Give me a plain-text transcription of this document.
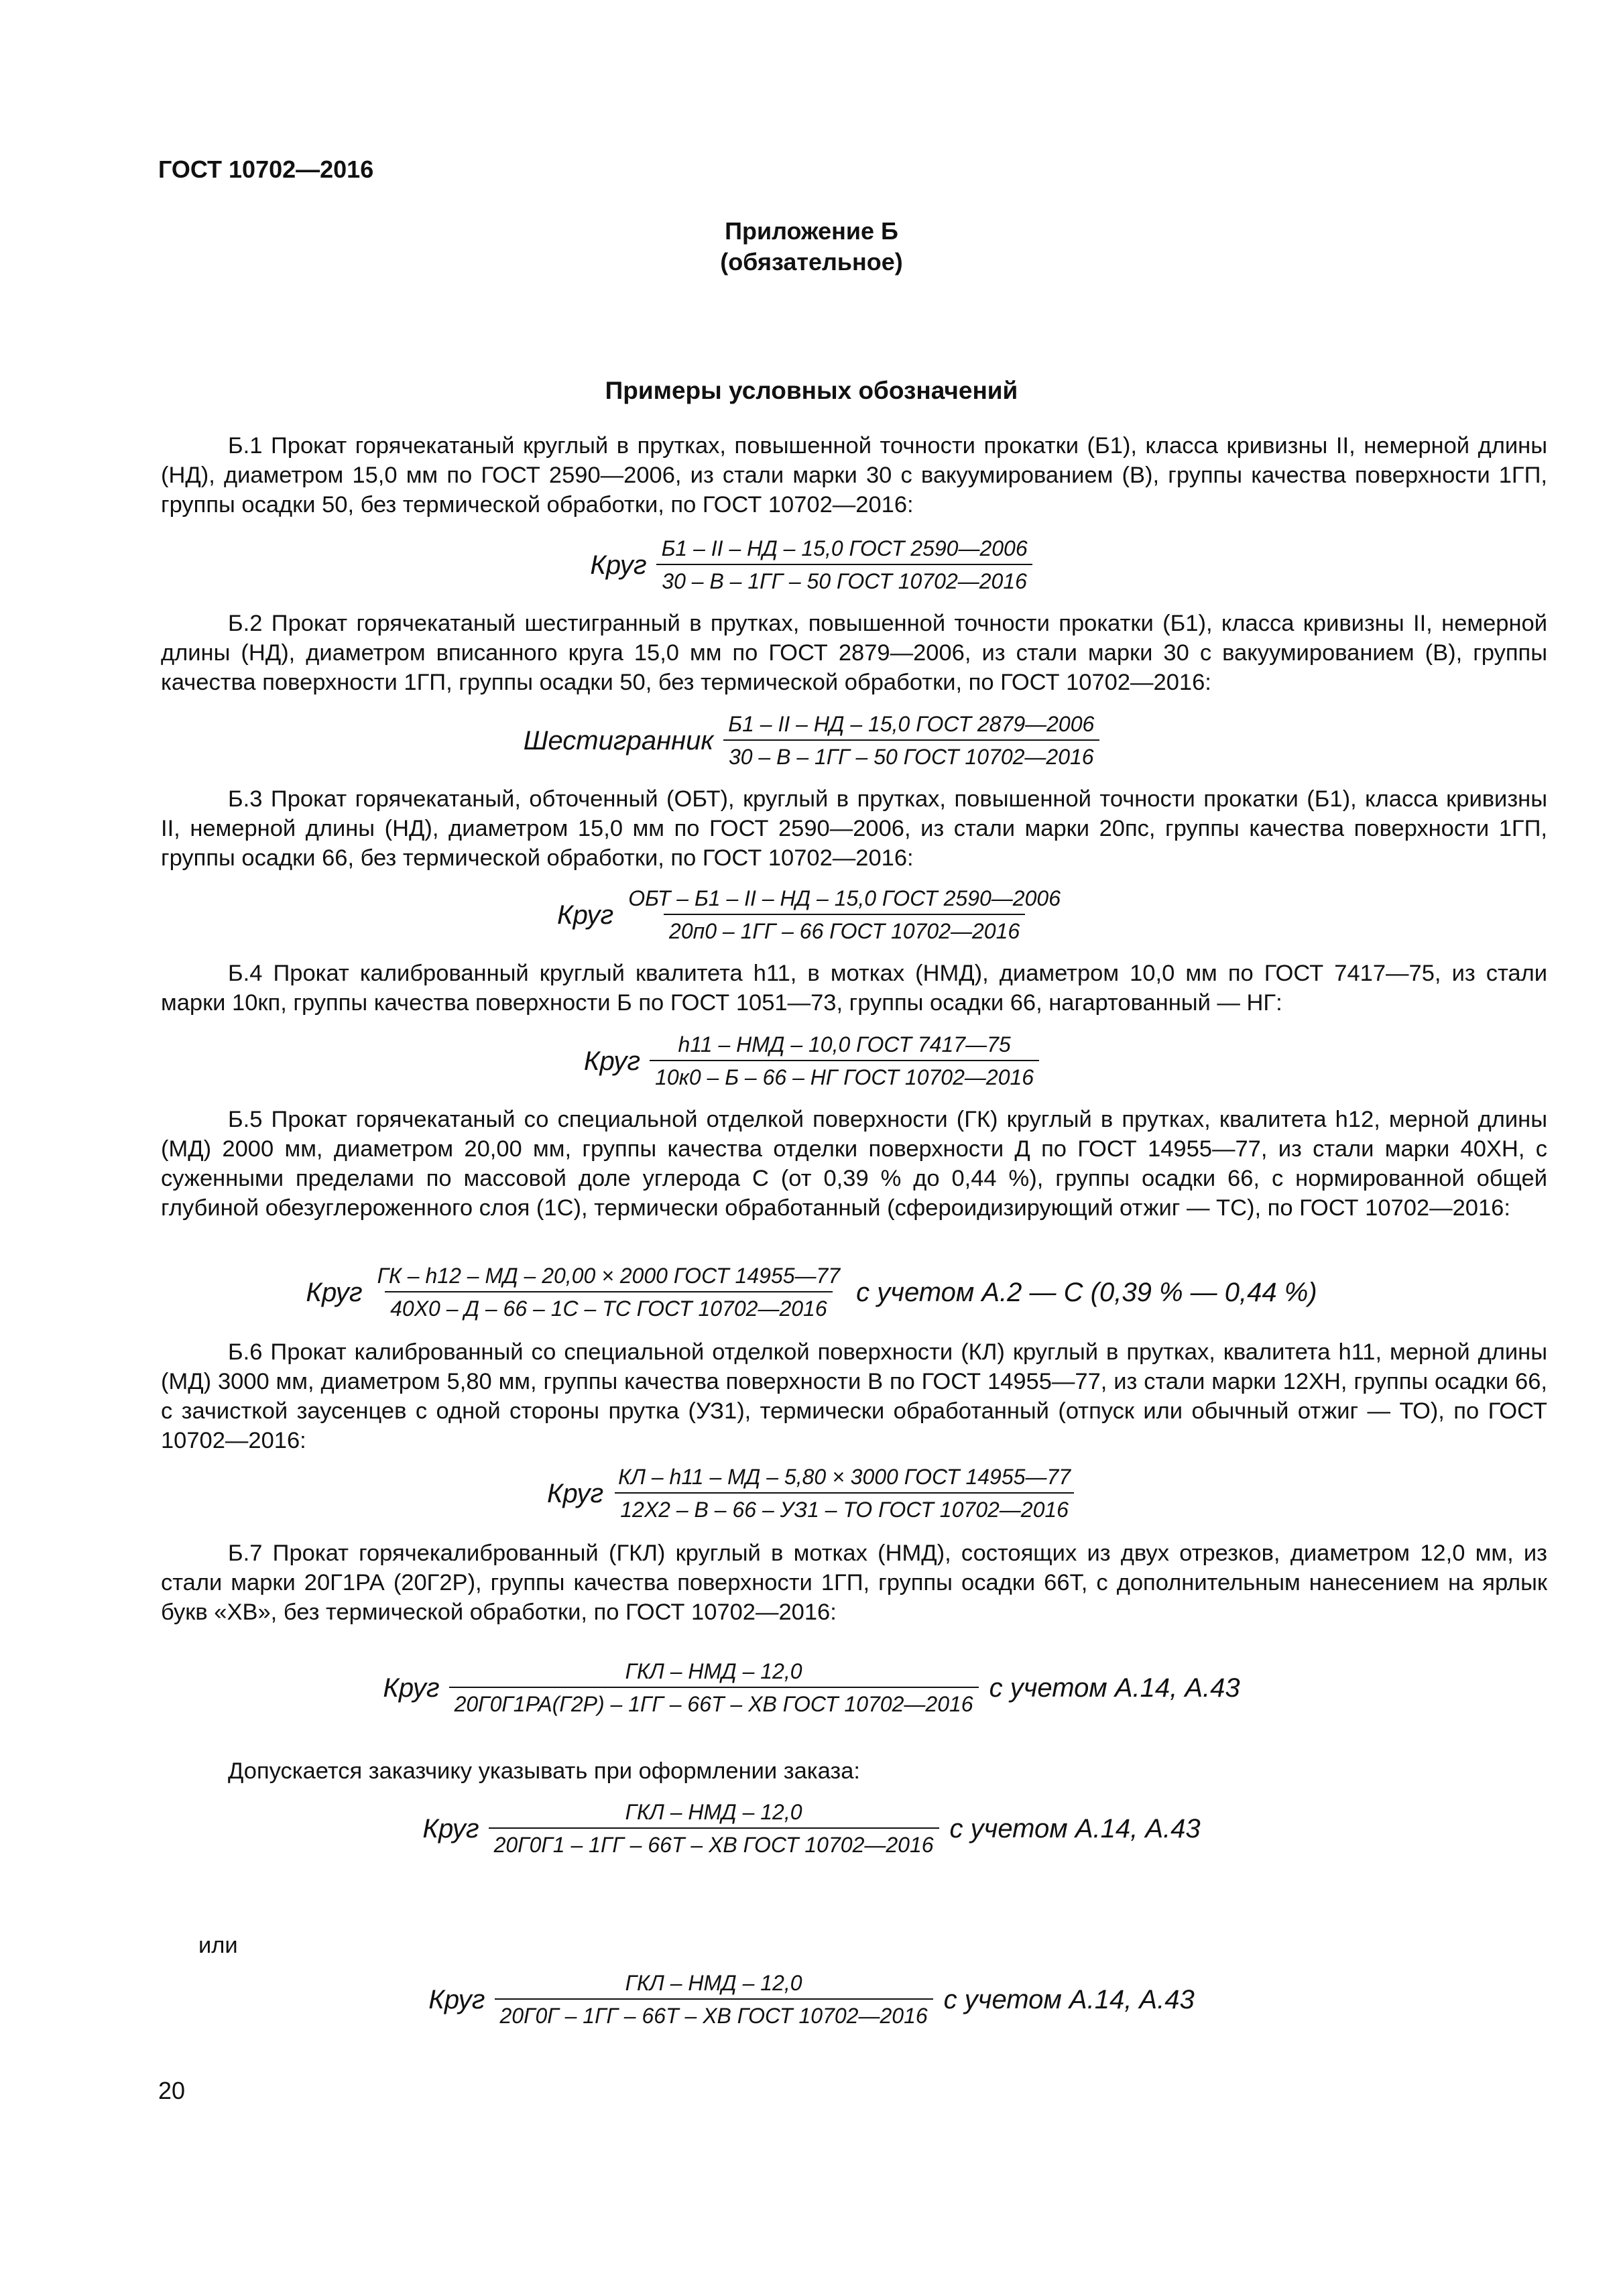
ГОСТ 10702—2016
Приложение Б
(обязательное)
Примеры условных обозначений
Б.1 Прокат горячекатаный круглый в прутках, повышенной точности прокатки (Б1), класса кривизны II, немерной длины (НД), диаметром 15,0 мм по ГОСТ 2590—2006, из стали марки 30 с вакуумированием (В), группы качества поверхности 1ГП, группы осадки 50, без термической обработки, по ГОСТ 10702—2016:
Круг $\frac{\text{Б1 – II – НД – 15,0 ГОСТ 2590—2006}}{\text{30 – В – 1ГГ – 50 ГОСТ 10702—2016}}$
Б.2 Прокат горячекатаный шестигранный в прутках, повышенной точности прокатки (Б1), класса кривизны II, немерной длины (НД), диаметром вписанного круга 15,0 мм по ГОСТ 2879—2006, из стали марки 30 с вакуумированием (В), группы качества поверхности 1ГП, группы осадки 50, без термической обработки, по ГОСТ 10702—2016:
Шестигранник $\frac{\text{Б1 – II – НД – 15,0 ГОСТ 2879—2006}}{\text{30 – В – 1ГГ – 50 ГОСТ 10702—2016}}$
Б.3 Прокат горячекатаный, обточенный (ОБТ), круглый в прутках, повышенной точности прокатки (Б1), класса кривизны II, немерной длины (НД), диаметром 15,0 мм по ГОСТ 2590—2006, из стали марки 20пс, группы качества поверхности 1ГП, группы осадки 66, без термической обработки, по ГОСТ 10702—2016:
Круг $\frac{\text{ОБТ – Б1 – II – НД – 15,0 ГОСТ 2590—2006}}{\text{20п0 – 1ГГ – 66 ГОСТ 10702—2016}}$
Б.4 Прокат калиброванный круглый квалитета h11, в мотках (НМД), диаметром 10,0 мм по ГОСТ 7417—75, из стали марки 10кп, группы качества поверхности Б по ГОСТ 1051—73, группы осадки 66, нагартованный — НГ:
Круг $\frac{\text{h11 – НМД – 10,0 ГОСТ 7417—75}}{\text{10к0 – Б – 66 – НГ ГОСТ 10702—2016}}$
Б.5 Прокат горячекатаный со специальной отделкой поверхности (ГК) круглый в прутках, квалитета h12, мерной длины (МД) 2000 мм, диаметром 20,00 мм, группы качества отделки поверхности Д по ГОСТ 14955—77, из стали марки 40ХН, с суженными пределами по массовой доле углерода С (от 0,39 % до 0,44 %), группы осадки 66, с нормированной общей глубиной обезуглероженного слоя (1С), термически обработанный (сфероидизирующий отжиг — ТС), по ГОСТ 10702—2016:
Круг $\frac{\text{ГК – h12 – МД – 20,00 × 2000 ГОСТ 14955—77}}{\text{40Х0 – Д – 66 – 1С – ТС ГОСТ 10702—2016}}$ с учетом А.2 — С (0,39 % — 0,44 %)
Б.6 Прокат калиброванный со специальной отделкой поверхности (КЛ) круглый в прутках, квалитета h11, мерной длины (МД) 3000 мм, диаметром 5,80 мм, группы качества поверхности В по ГОСТ 14955—77, из стали марки 12ХН, группы осадки 66, с зачисткой заусенцев с одной стороны прутка (УЗ1), термически обработанный (отпуск или обычный отжиг — ТО), по ГОСТ 10702—2016:
Круг $\frac{\text{КЛ – h11 – МД – 5,80 × 3000 ГОСТ 14955—77}}{\text{12Х2 – В – 66 – УЗ1 – ТО ГОСТ 10702—2016}}$
Б.7 Прокат горячекалиброванный (ГКЛ) круглый в мотках (НМД), состоящих из двух отрезков, диаметром 12,0 мм, из стали марки 20Г1РА (20Г2Р), группы качества поверхности 1ГП, группы осадки 66Т, с дополнительным нанесением на ярлык букв «ХВ», без термической обработки, по ГОСТ 10702—2016:
Круг $\frac{\text{ГКЛ – НМД – 12,0}}{\text{20Г0Г1РА(Г2Р) – 1ГГ – 66Т – ХВ ГОСТ 10702—2016}}$ с учетом А.14, А.43
Допускается заказчику указывать при оформлении заказа:
Круг $\frac{\text{ГКЛ – НМД – 12,0}}{\text{20Г0Г1 – 1ГГ – 66Т – ХВ ГОСТ 10702—2016}}$ с учетом А.14, А.43
или
Круг $\frac{\text{ГКЛ – НМД – 12,0}}{\text{20Г0Г – 1ГГ – 66Т – ХВ ГОСТ 10702—2016}}$ с учетом А.14, А.43
20
